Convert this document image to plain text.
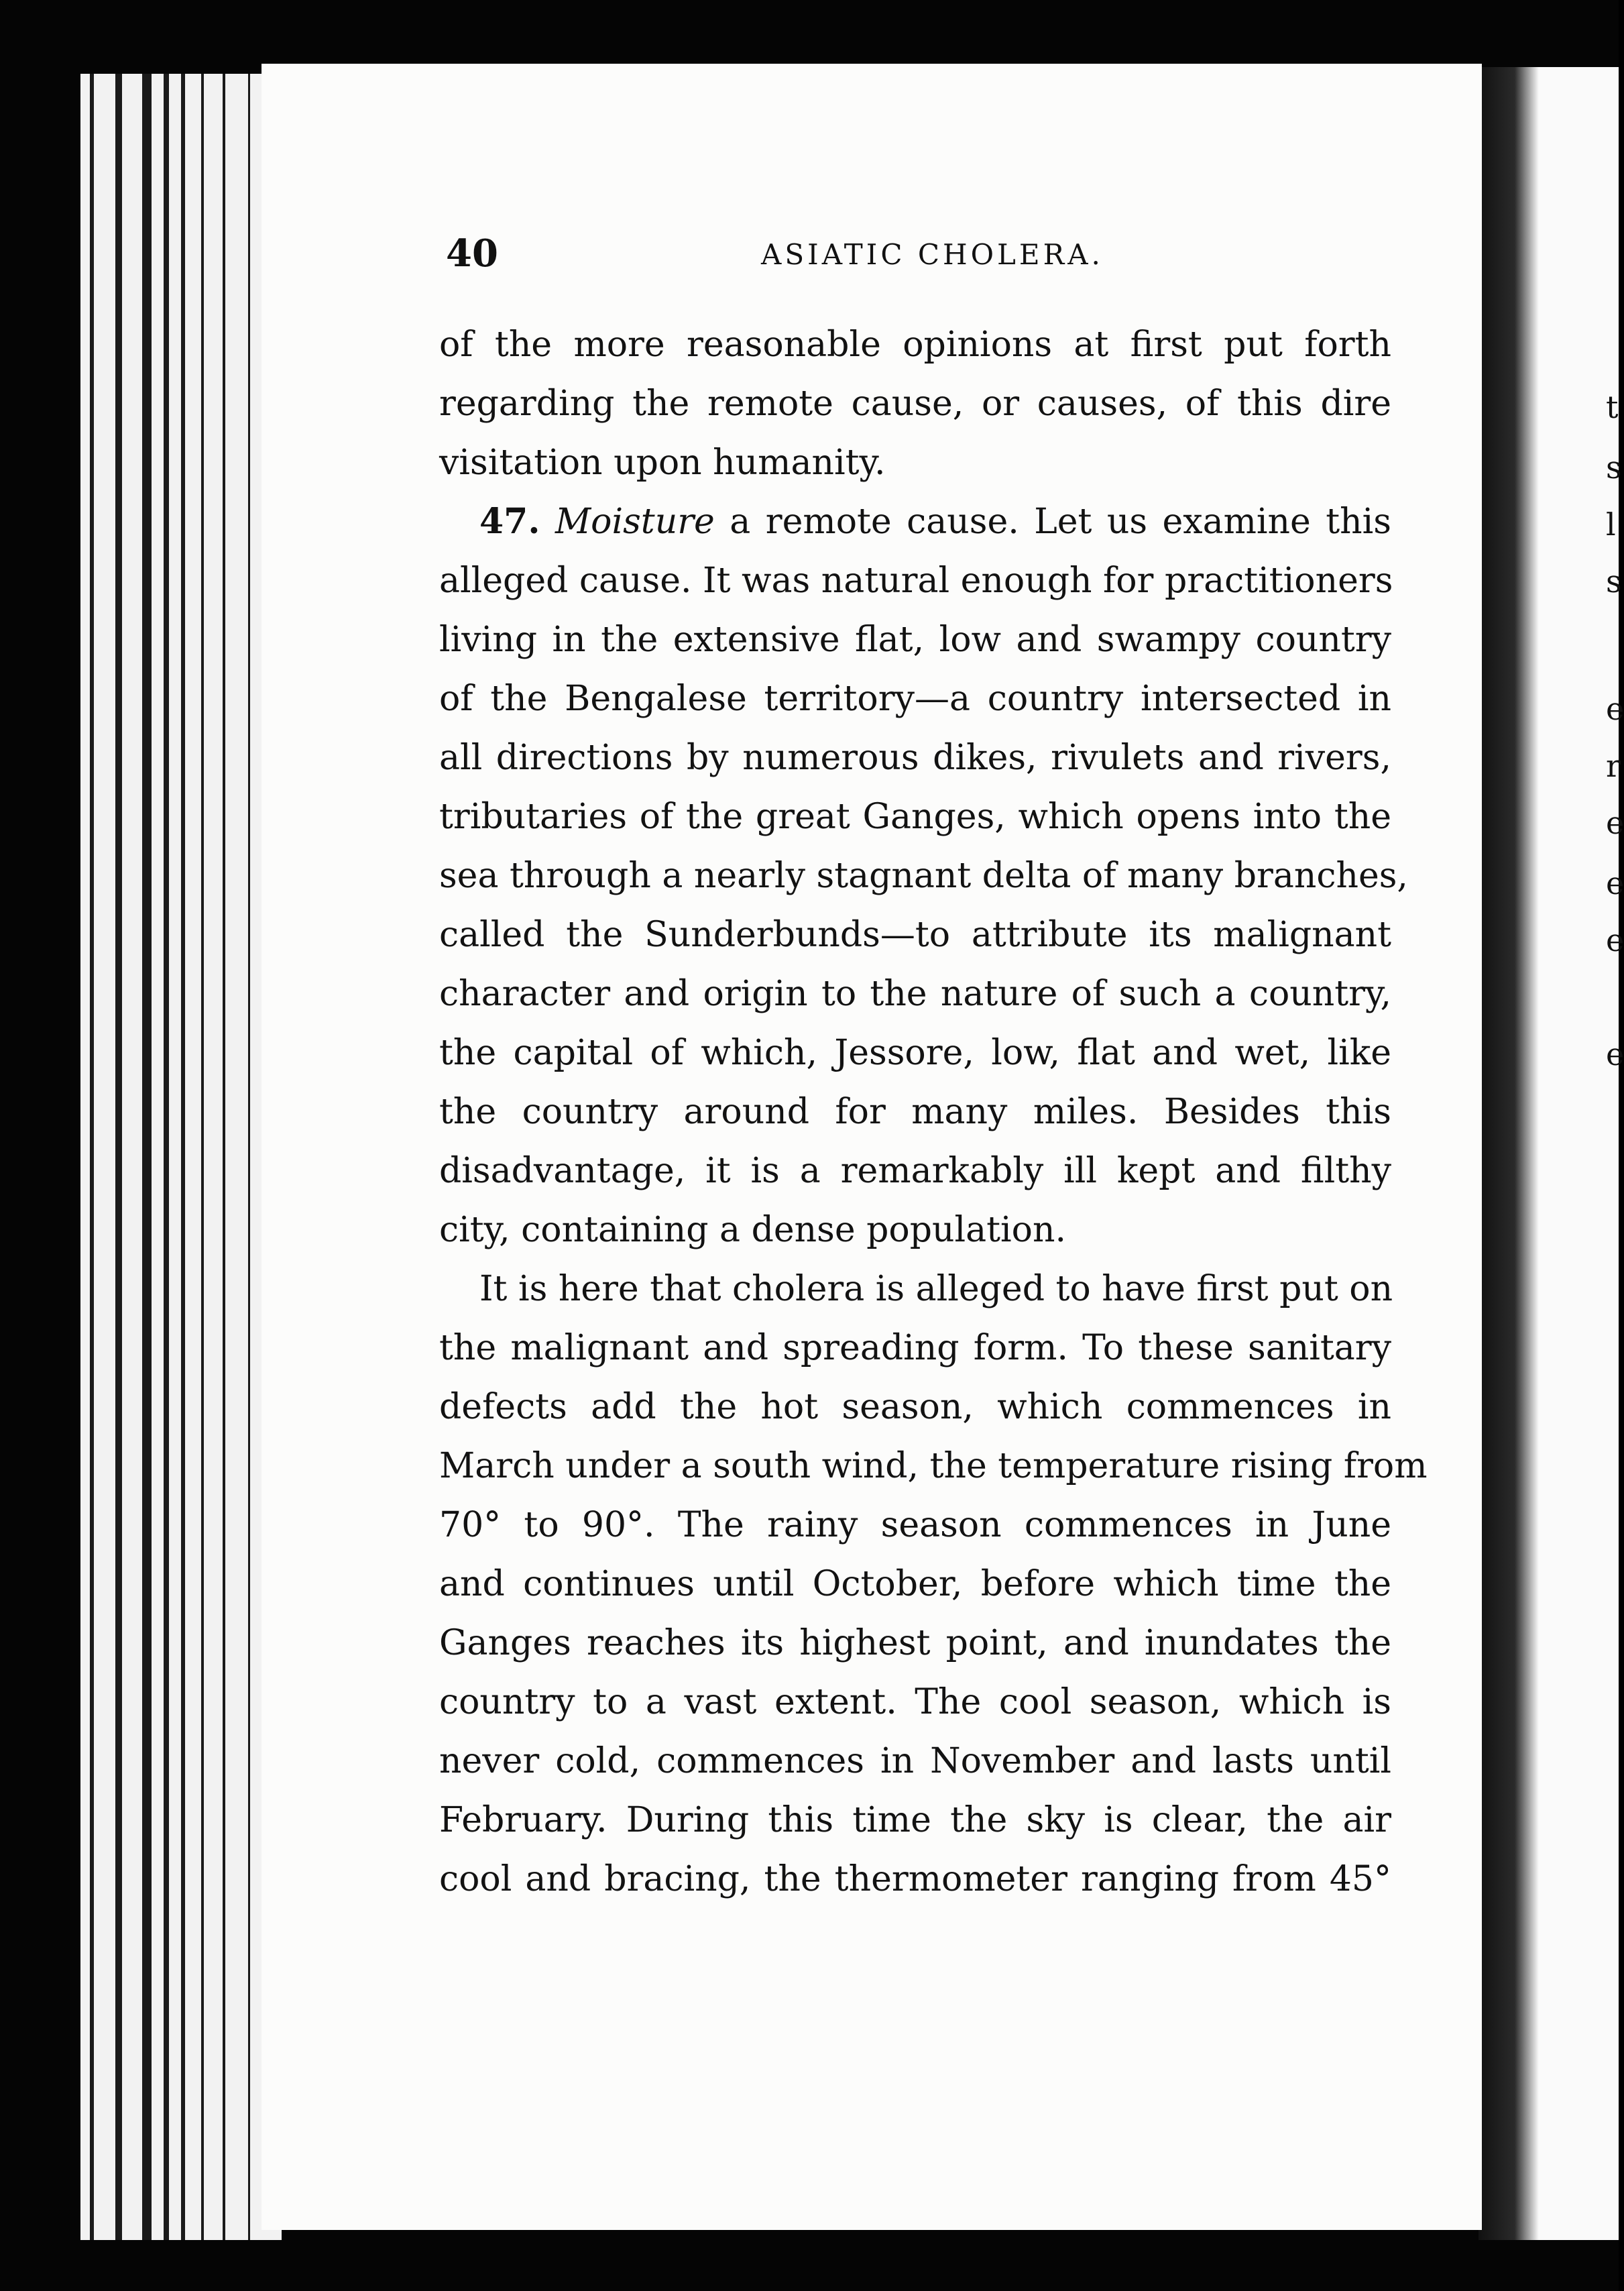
t
s
l
s
e
r
e
e
e
e
40	ASIATIC CHOLERA.
of the more reasonable opinions at first put forth
regarding the remote cause, or causes, of this dire
visitation upon humanity.
47. Moisture a remote cause. Let us examine this
alleged cause. It was natural enough for practitioners
living in the extensive flat, low and swampy country
of the Bengalese territory—a country intersected in
all directions by numerous dikes, rivulets and rivers,
tributaries of the great Ganges, which opens into the
sea through a nearly stagnant delta of many branches,
called the Sunderbunds—to attribute its malignant
character and origin to the nature of such a country,
the capital of which, Jessore, low, flat and wet, like
the country around for many miles. Besides this
disadvantage, it is a remarkably ill kept and filthy
city, containing a dense population.
It is here that cholera is alleged to have first put on
the malignant and spreading form. To these sanitary
defects add the hot season, which commences in
March under a south wind, the temperature rising from
70° to 90°. The rainy season commences in June
and continues until October, before which time the
Ganges reaches its highest point, and inundates the
country to a vast extent. The cool season, which is
never cold, commences in November and lasts until
February. During this time the sky is clear, the air
cool and bracing, the thermometer ranging from 45°
